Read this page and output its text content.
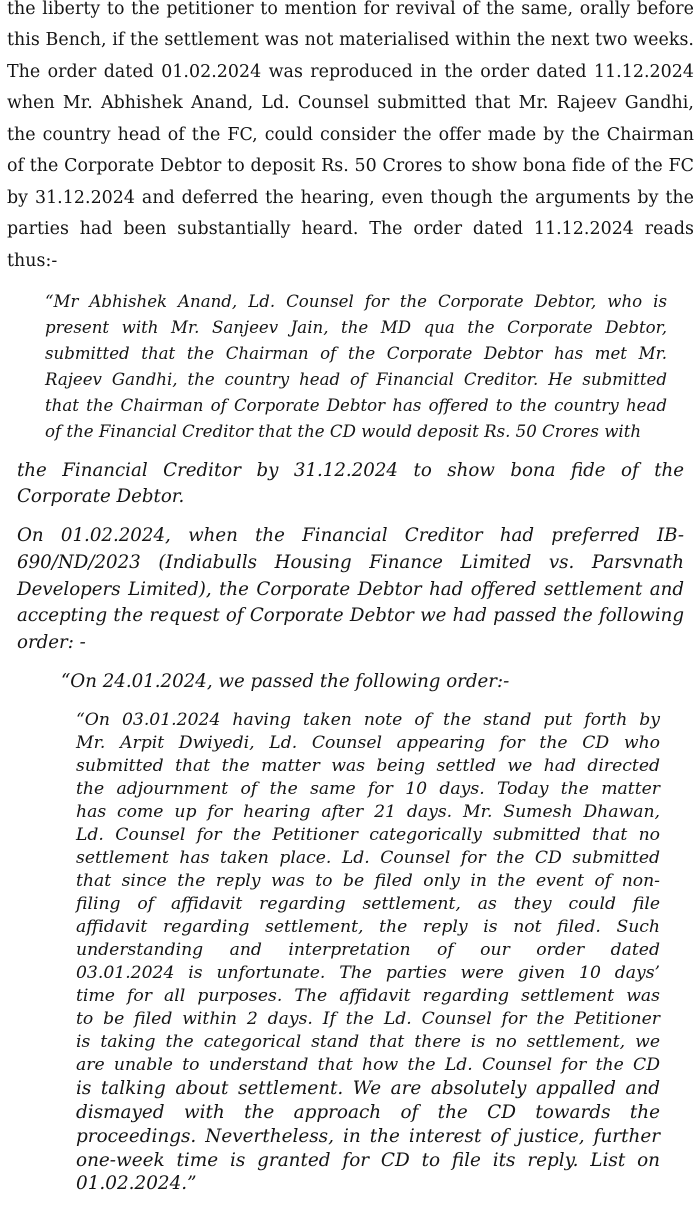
the liberty to the petitioner to mention for revival of the same, orally before

this Bench, if the settlement was not materialised within the next two weeks.

The order dated 01.02.2024 was reproduced in the order dated 11.12.2024

when Mr. Abhishek Anand, Ld. Counsel submitted that Mr. Rajeev Gandhi,

the country head of the FC, could consider the offer made by the Chairman

of the Corporate Debtor to deposit Rs. 50 Crores to show bona fide of the FC

by 31.12.2024 and deferred the hearing, even though the arguments by the

parties had been substantially heard. The order dated 11.12.2024 reads

thus:-

“Mr Abhishek Anand, Ld. Counsel for the Corporate Debtor, who is

present with Mr. Sanjeev Jain, the MD qua the Corporate Debtor,

submitted that the Chairman of the Corporate Debtor has met Mr.

Rajeev Gandhi, the country head of Financial Creditor. He submitted

that the Chairman of Corporate Debtor has offered to the country head

of the Financial Creditor that the CD would deposit Rs. 50 Crores with

the Financial Creditor by 31.12.2024 to show bona fide of the

Corporate Debtor.

On 01.02.2024, when the Financial Creditor had preferred IB-

690/ND/2023 (Indiabulls Housing Finance Limited vs. Parsvnath

Developers Limited), the Corporate Debtor had offered settlement and

accepting the request of Corporate Debtor we had passed the following

order: -

“On 24.01.2024, we passed the following order:-

“On 03.01.2024 having taken note of the stand put forth by

Mr. Arpit Dwiyedi, Ld. Counsel appearing for the CD who

submitted that the matter was being settled we had directed

the adjournment of the same for 10 days. Today the matter

has come up for hearing after 21 days. Mr. Sumesh Dhawan,

Ld. Counsel for the Petitioner categorically submitted that no

settlement has taken place. Ld. Counsel for the CD submitted

that since the reply was to be filed only in the event of non-

filing of affidavit regarding settlement, as they could file

affidavit regarding settlement, the reply is not filed. Such

understanding and interpretation of our order dated

03.01.2024 is unfortunate. The parties were given 10 days’

time for all purposes. The affidavit regarding settlement was

to be filed within 2 days. If the Ld. Counsel for the Petitioner

is taking the categorical stand that there is no settlement, we

are unable to understand that how the Ld. Counsel for the CD

is talking about settlement. We are absolutely appalled and

dismayed with the approach of the CD towards the

proceedings. Nevertheless, in the interest of justice, further

one-week time is granted for CD to file its reply. List on

01.02.2024.”
